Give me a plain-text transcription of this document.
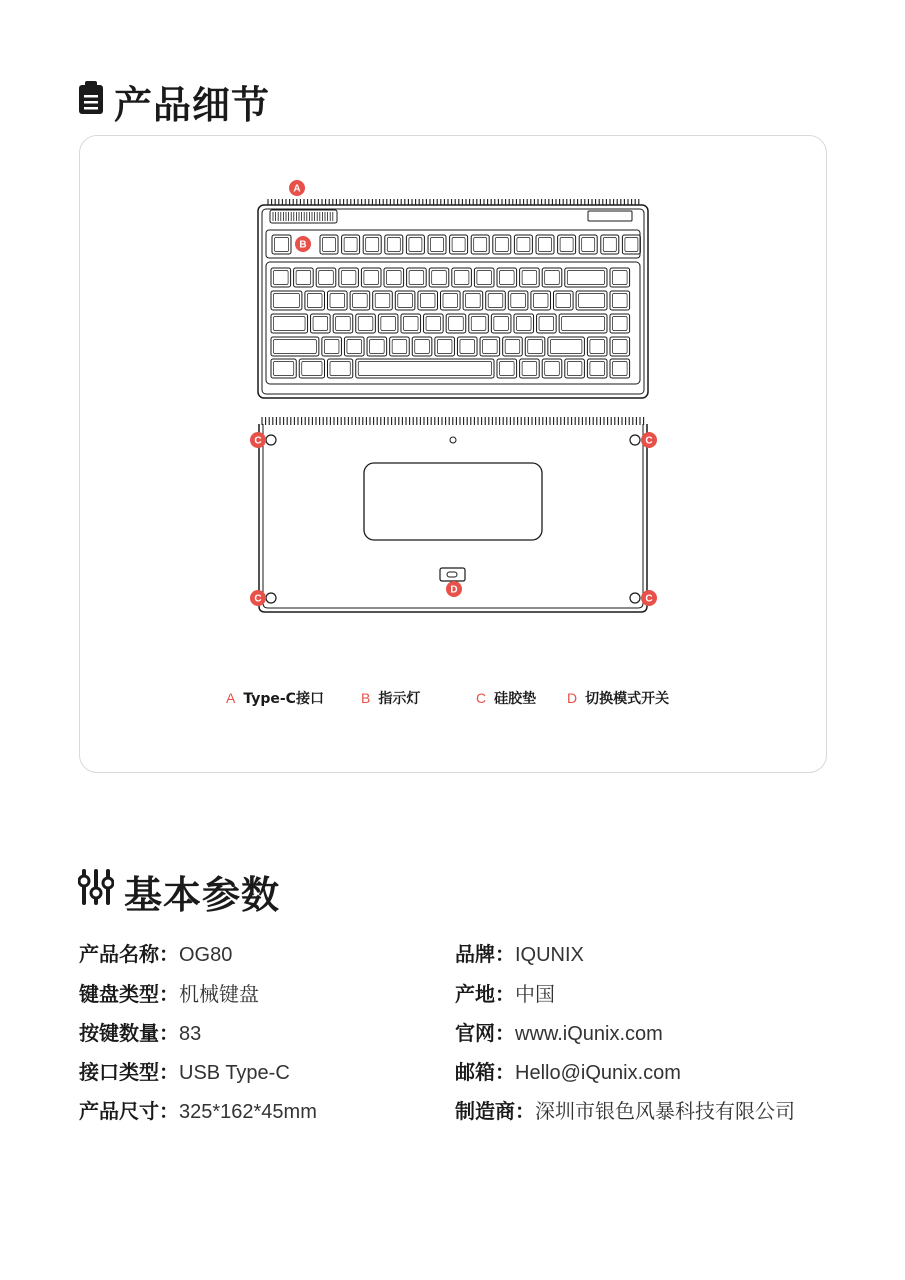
产品细节
A
B
C	C
C	C
D
A Type-C接口	B 指示灯	C 硅胶垫 D 切换模式开关
基本参数
产品名称：OG80
键盘类型：机械键盘
按键数量：83
接口类型：USB Type-C
产品尺寸：325*162*45mm
品牌：IQUNIX
产地：中国
官网：www.iQunix.com
邮箱：Hello@iQunix.com
制造商：深圳市银色风暴科技有限公司
